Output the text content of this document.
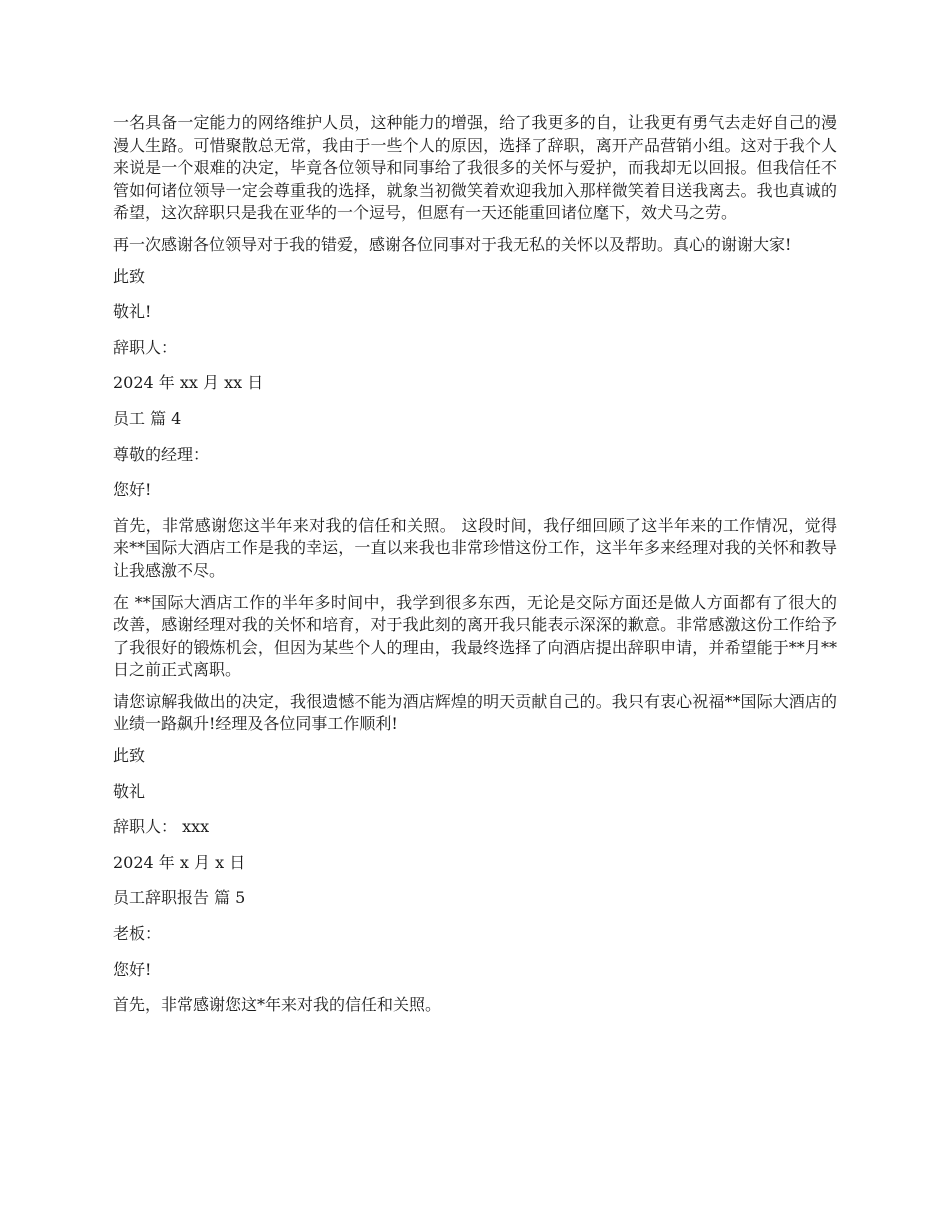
一名具备一定能力的网络维护人员，这种能力的增强，给了我更多的自，让我更有勇气去走好自己的漫漫人生路。可惜聚散总无常，我由于一些个人的原因，选择了辞职，离开产品营销小组。这对于我个人来说是一个艰难的决定，毕竟各位领导和同事给了我很多的关怀与爱护，而我却无以回报。但我信任不管如何诸位领导一定会尊重我的选择，就象当初微笑着欢迎我加入那样微笑着目送我离去。我也真诚的希望，这次辞职只是我在亚华的一个逗号，但愿有一天还能重回诸位麾下，效犬马之劳。

再一次感谢各位领导对于我的错爱，感谢各位同事对于我无私的关怀以及帮助。真心的谢谢大家!

此致

敬礼!

辞职人：

2024 年 xx 月 xx 日

员工 篇 4

尊敬的经理：

您好!

首先，非常感谢您这半年来对我的信任和关照。 这段时间，我仔细回顾了这半年来的工作情况，觉得来**国际大酒店工作是我的幸运，一直以来我也非常珍惜这份工作，这半年多来经理对我的关怀和教导让我感激不尽。

在 **国际大酒店工作的半年多时间中，我学到很多东西，无论是交际方面还是做人方面都有了很大的改善，感谢经理对我的关怀和培育，对于我此刻的离开我只能表示深深的歉意。非常感激这份工作给予了我很好的锻炼机会，但因为某些个人的理由，我最终选择了向酒店提出辞职申请，并希望能于**月**日之前正式离职。

请您谅解我做出的决定，我很遗憾不能为酒店辉煌的明天贡献自己的。我只有衷心祝福**国际大酒店的业绩一路飙升!经理及各位同事工作顺利!

此致

敬礼

辞职人： xxx

2024 年 x 月 x 日

员工辞职报告 篇 5

老板：

您好!

首先，非常感谢您这*年来对我的信任和关照。
